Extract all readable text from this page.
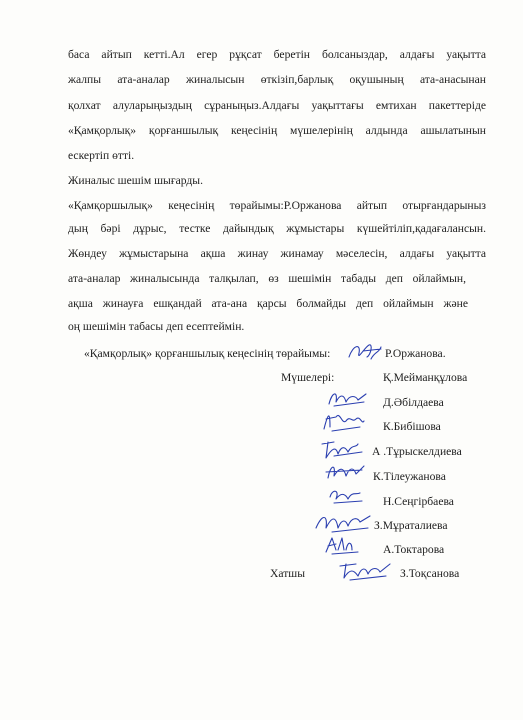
баса айтып кетті.Ал егер рұқсат беретін болсаныздар, алдағы уақытта
жалпы ата-аналар жиналысын өткізіп,барлық оқушының ата-анасынан
қолхат алуларыңыздың сұраныңыз.Алдағы уақыттағы емтихан пакеттеріде
«Қамқорлық» қорғаншылық кеңесінің мүшелерінің алдында ашылатынын
ескертіп өтті.
Жиналыс шешім шығарды.
«Қамқоршылық» кеңесінің төрайымы:Р.Оржанова айтып отырғандарыныз
дың бәрі дұрыс, тестке дайындық жұмыстары күшейтіліп,қадағалансын.
Жөндеу жұмыстарына ақша жинау жинамау мәселесін, алдағы уақытта
ата-аналар жиналысында талқылап, өз шешімін табады деп ойлаймын,
ақша жинауға ешқандай ата-ана қарсы болмайды деп ойлаймын және
оң шешімін табасы деп есептеймін.
«Қамқорлық» қорғаншылық кеңесінің төрайымы:	Р.Оржанова.
Мүшелері:	Қ.Мейманқұлова
Д.Әбілдаева
К.Бибішова
А .Тұрыскелдиева
К.Тілеужанова
Н.Сеңгірбаева
З.Мұраталиева
А.Токтарова
Хатшы	З.Тоқсанова
